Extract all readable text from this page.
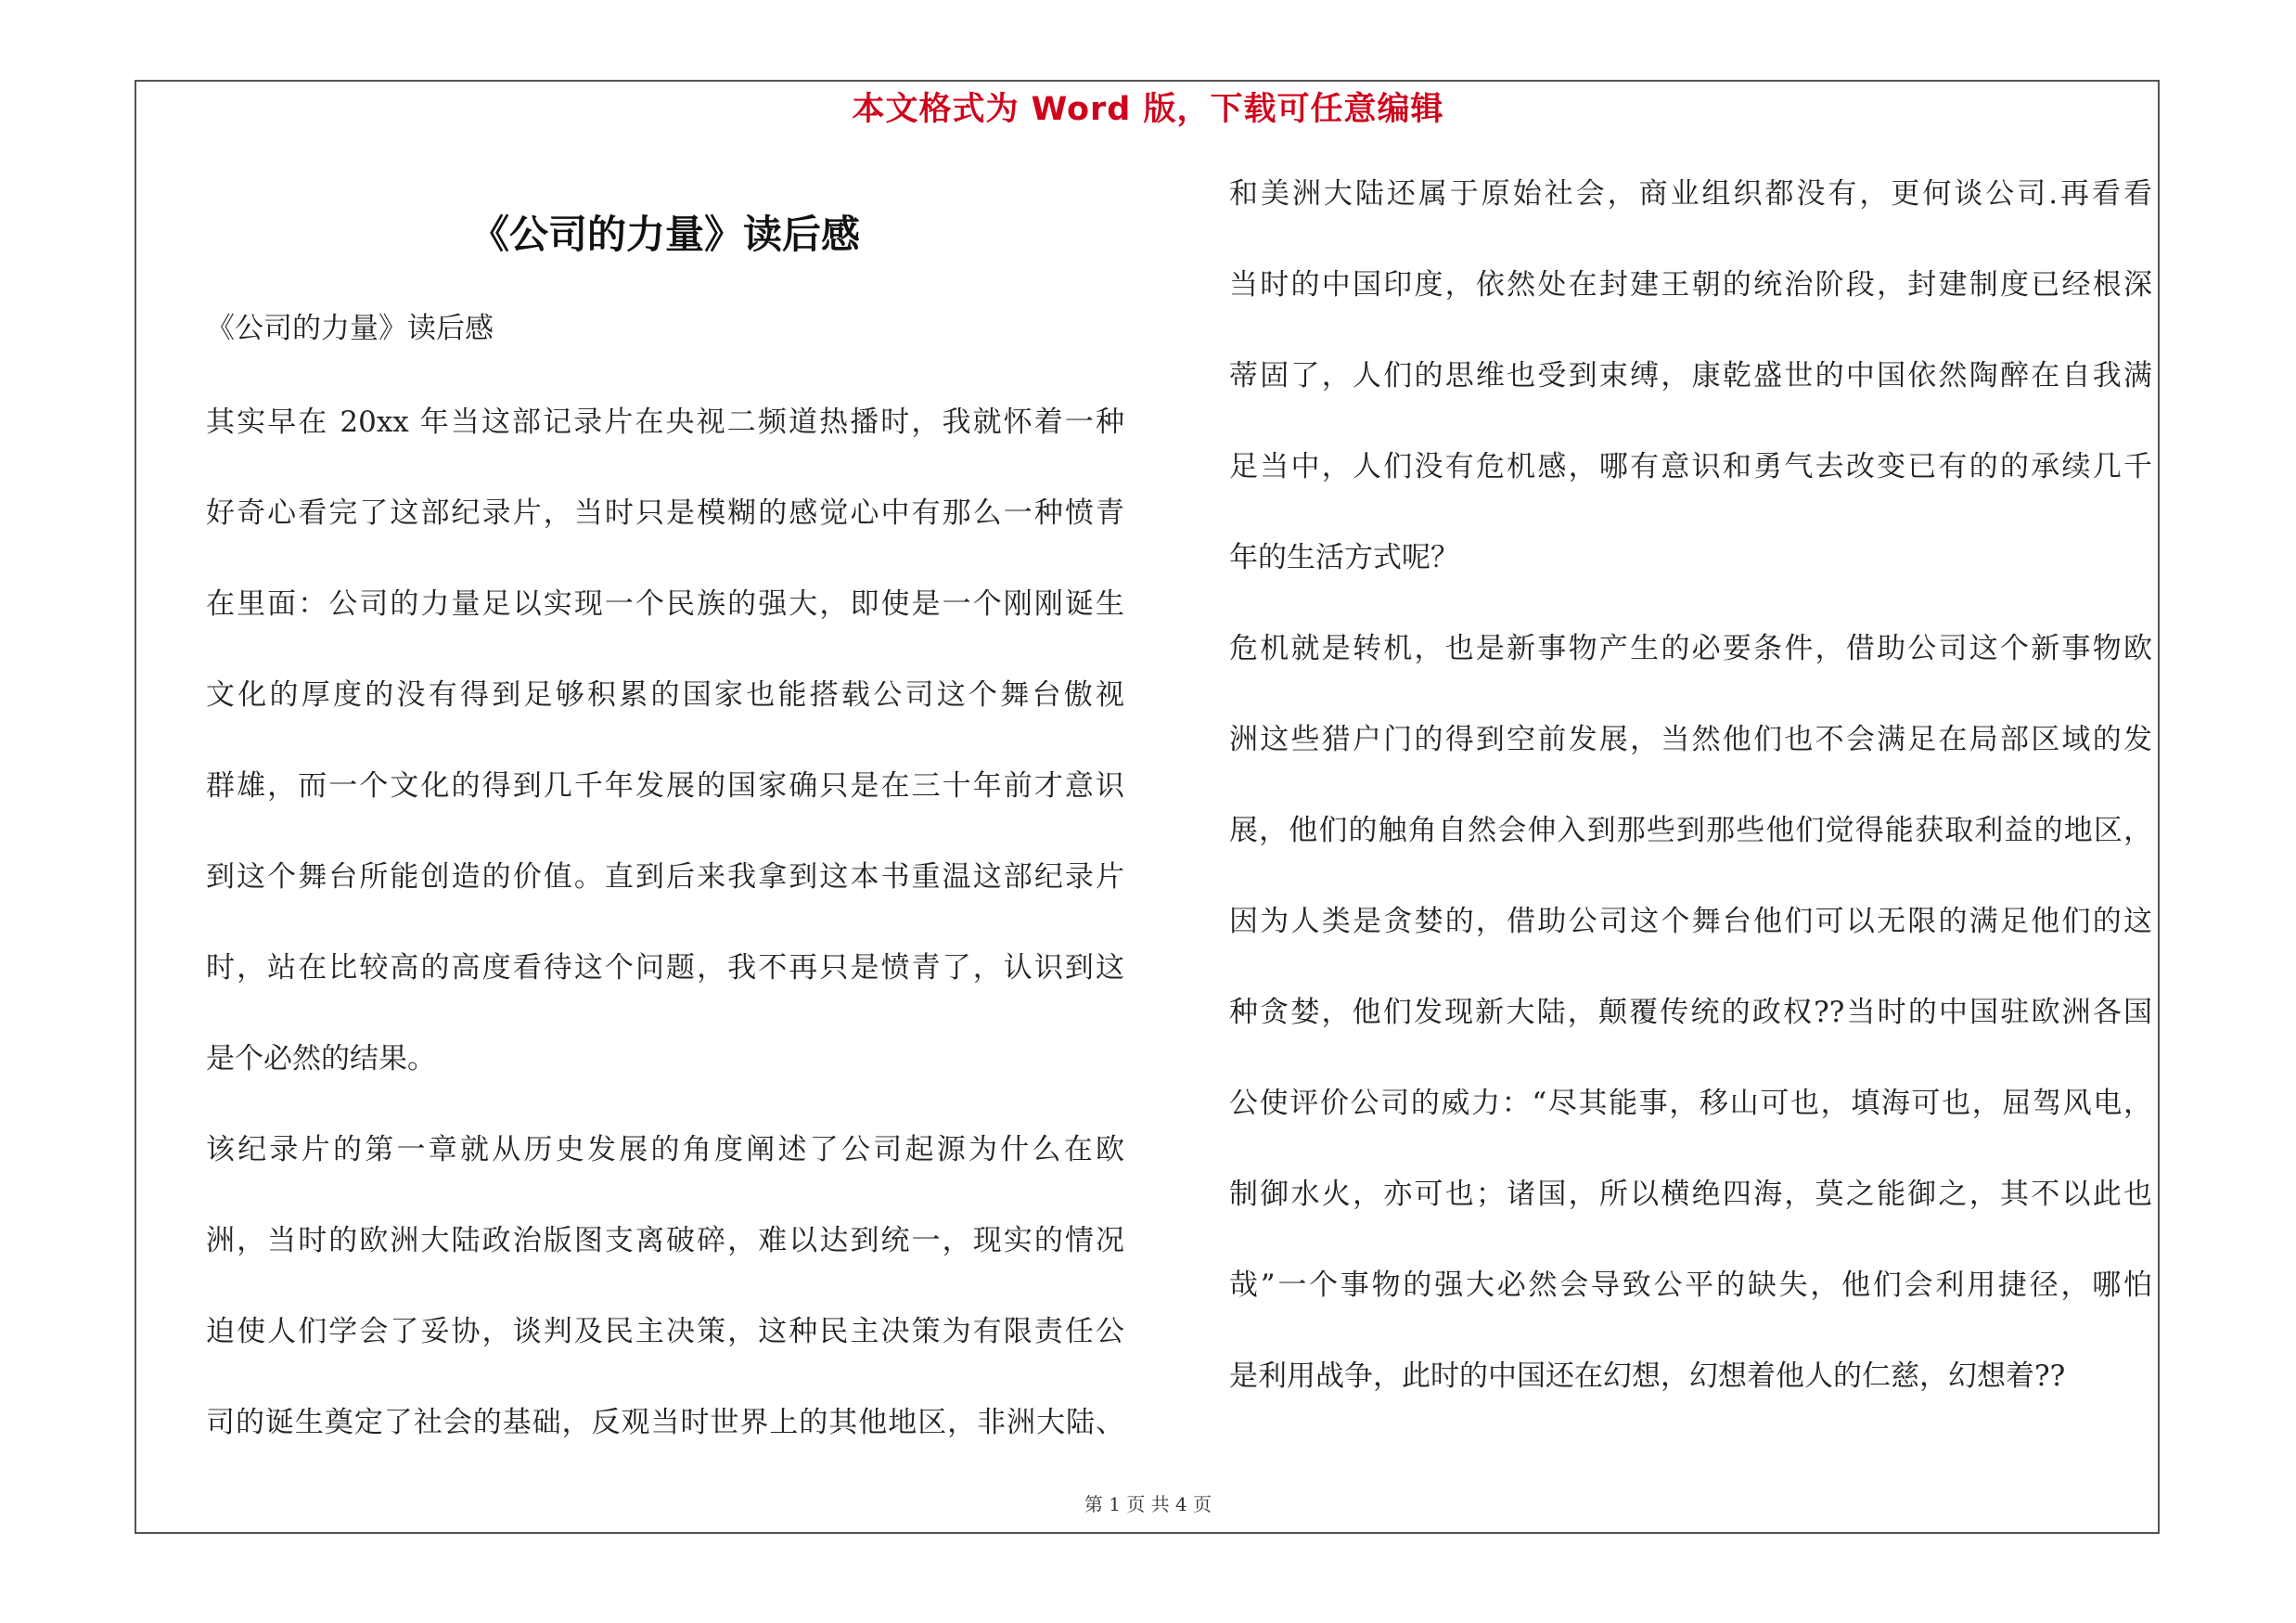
本文格式为 Word 版，下载可任意编辑
《公司的力量》读后感
《公司的力量》读后感
其实早在 20xx 年当这部记录片在央视二频道热播时，我就怀着一种
好奇心看完了这部纪录片，当时只是模糊的感觉心中有那么一种愤青
在里面：公司的力量足以实现一个民族的强大，即使是一个刚刚诞生
文化的厚度的没有得到足够积累的国家也能搭载公司这个舞台傲视
群雄，而一个文化的得到几千年发展的国家确只是在三十年前才意识
到这个舞台所能创造的价值。直到后来我拿到这本书重温这部纪录片
时，站在比较高的高度看待这个问题，我不再只是愤青了，认识到这
是个必然的结果。
该纪录片的第一章就从历史发展的角度阐述了公司起源为什么在欧
洲，当时的欧洲大陆政治版图支离破碎，难以达到统一，现实的情况
迫使人们学会了妥协，谈判及民主决策，这种民主决策为有限责任公
司的诞生奠定了社会的基础，反观当时世界上的其他地区，非洲大陆、
和美洲大陆还属于原始社会，商业组织都没有，更何谈公司.再看看
当时的中国印度，依然处在封建王朝的统治阶段，封建制度已经根深
蒂固了，人们的思维也受到束缚，康乾盛世的中国依然陶醉在自我满
足当中，人们没有危机感，哪有意识和勇气去改变已有的的承续几千
年的生活方式呢？
危机就是转机，也是新事物产生的必要条件，借助公司这个新事物欧
洲这些猎户门的得到空前发展，当然他们也不会满足在局部区域的发
展，他们的触角自然会伸入到那些到那些他们觉得能获取利益的地区，
因为人类是贪婪的，借助公司这个舞台他们可以无限的满足他们的这
种贪婪，他们发现新大陆，颠覆传统的政权??当时的中国驻欧洲各国
公使评价公司的威力：“尽其能事，移山可也，填海可也，屈驾风电，
制御水火，亦可也；诸国，所以横绝四海，莫之能御之，其不以此也
哉”一个事物的强大必然会导致公平的缺失，他们会利用捷径，哪怕
是利用战争，此时的中国还在幻想，幻想着他人的仁慈，幻想着??
第 1 页 共 4 页
